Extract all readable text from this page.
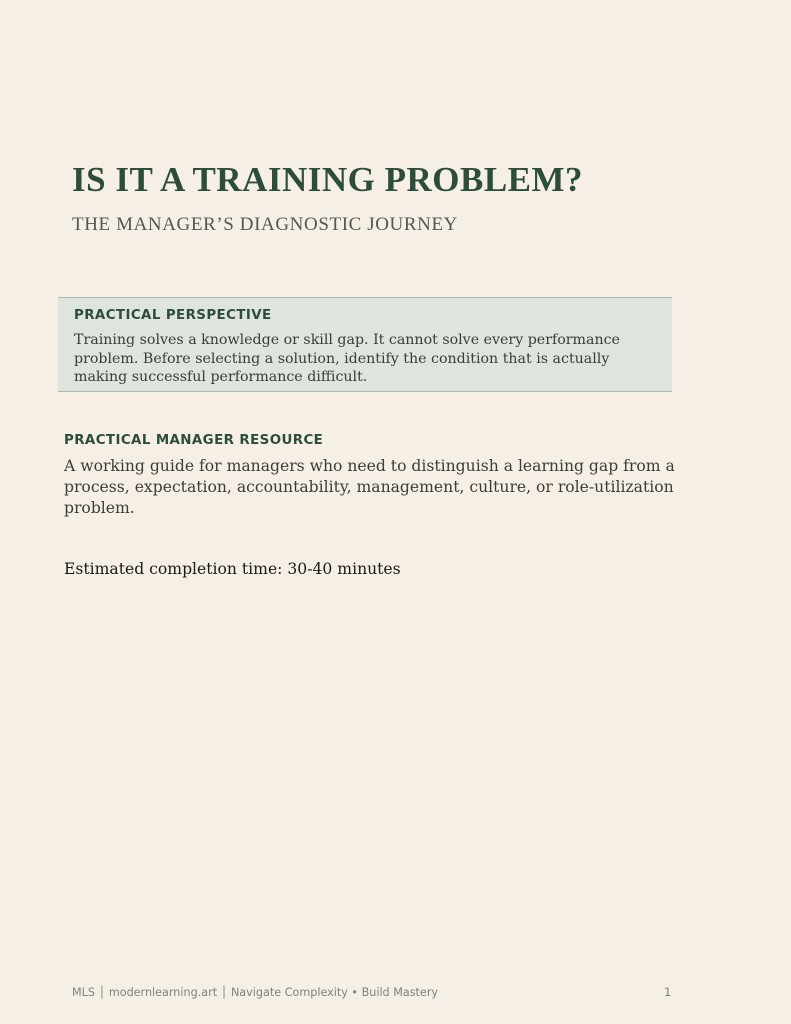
IS IT A TRAINING PROBLEM?
THE MANAGER’S DIAGNOSTIC JOURNEY
PRACTICAL PERSPECTIVE
Training solves a knowledge or skill gap. It cannot solve every performance problem. Before selecting a solution, identify the condition that is actually making successful performance difficult.
PRACTICAL MANAGER RESOURCE

A working guide for managers who need to distinguish a learning gap from a process, expectation, accountability, management, culture, or role-utilization problem.

Estimated completion time: 30-40 minutes

MLS │ modernlearning.art │ Navigate Complexity • Build Mastery	1
